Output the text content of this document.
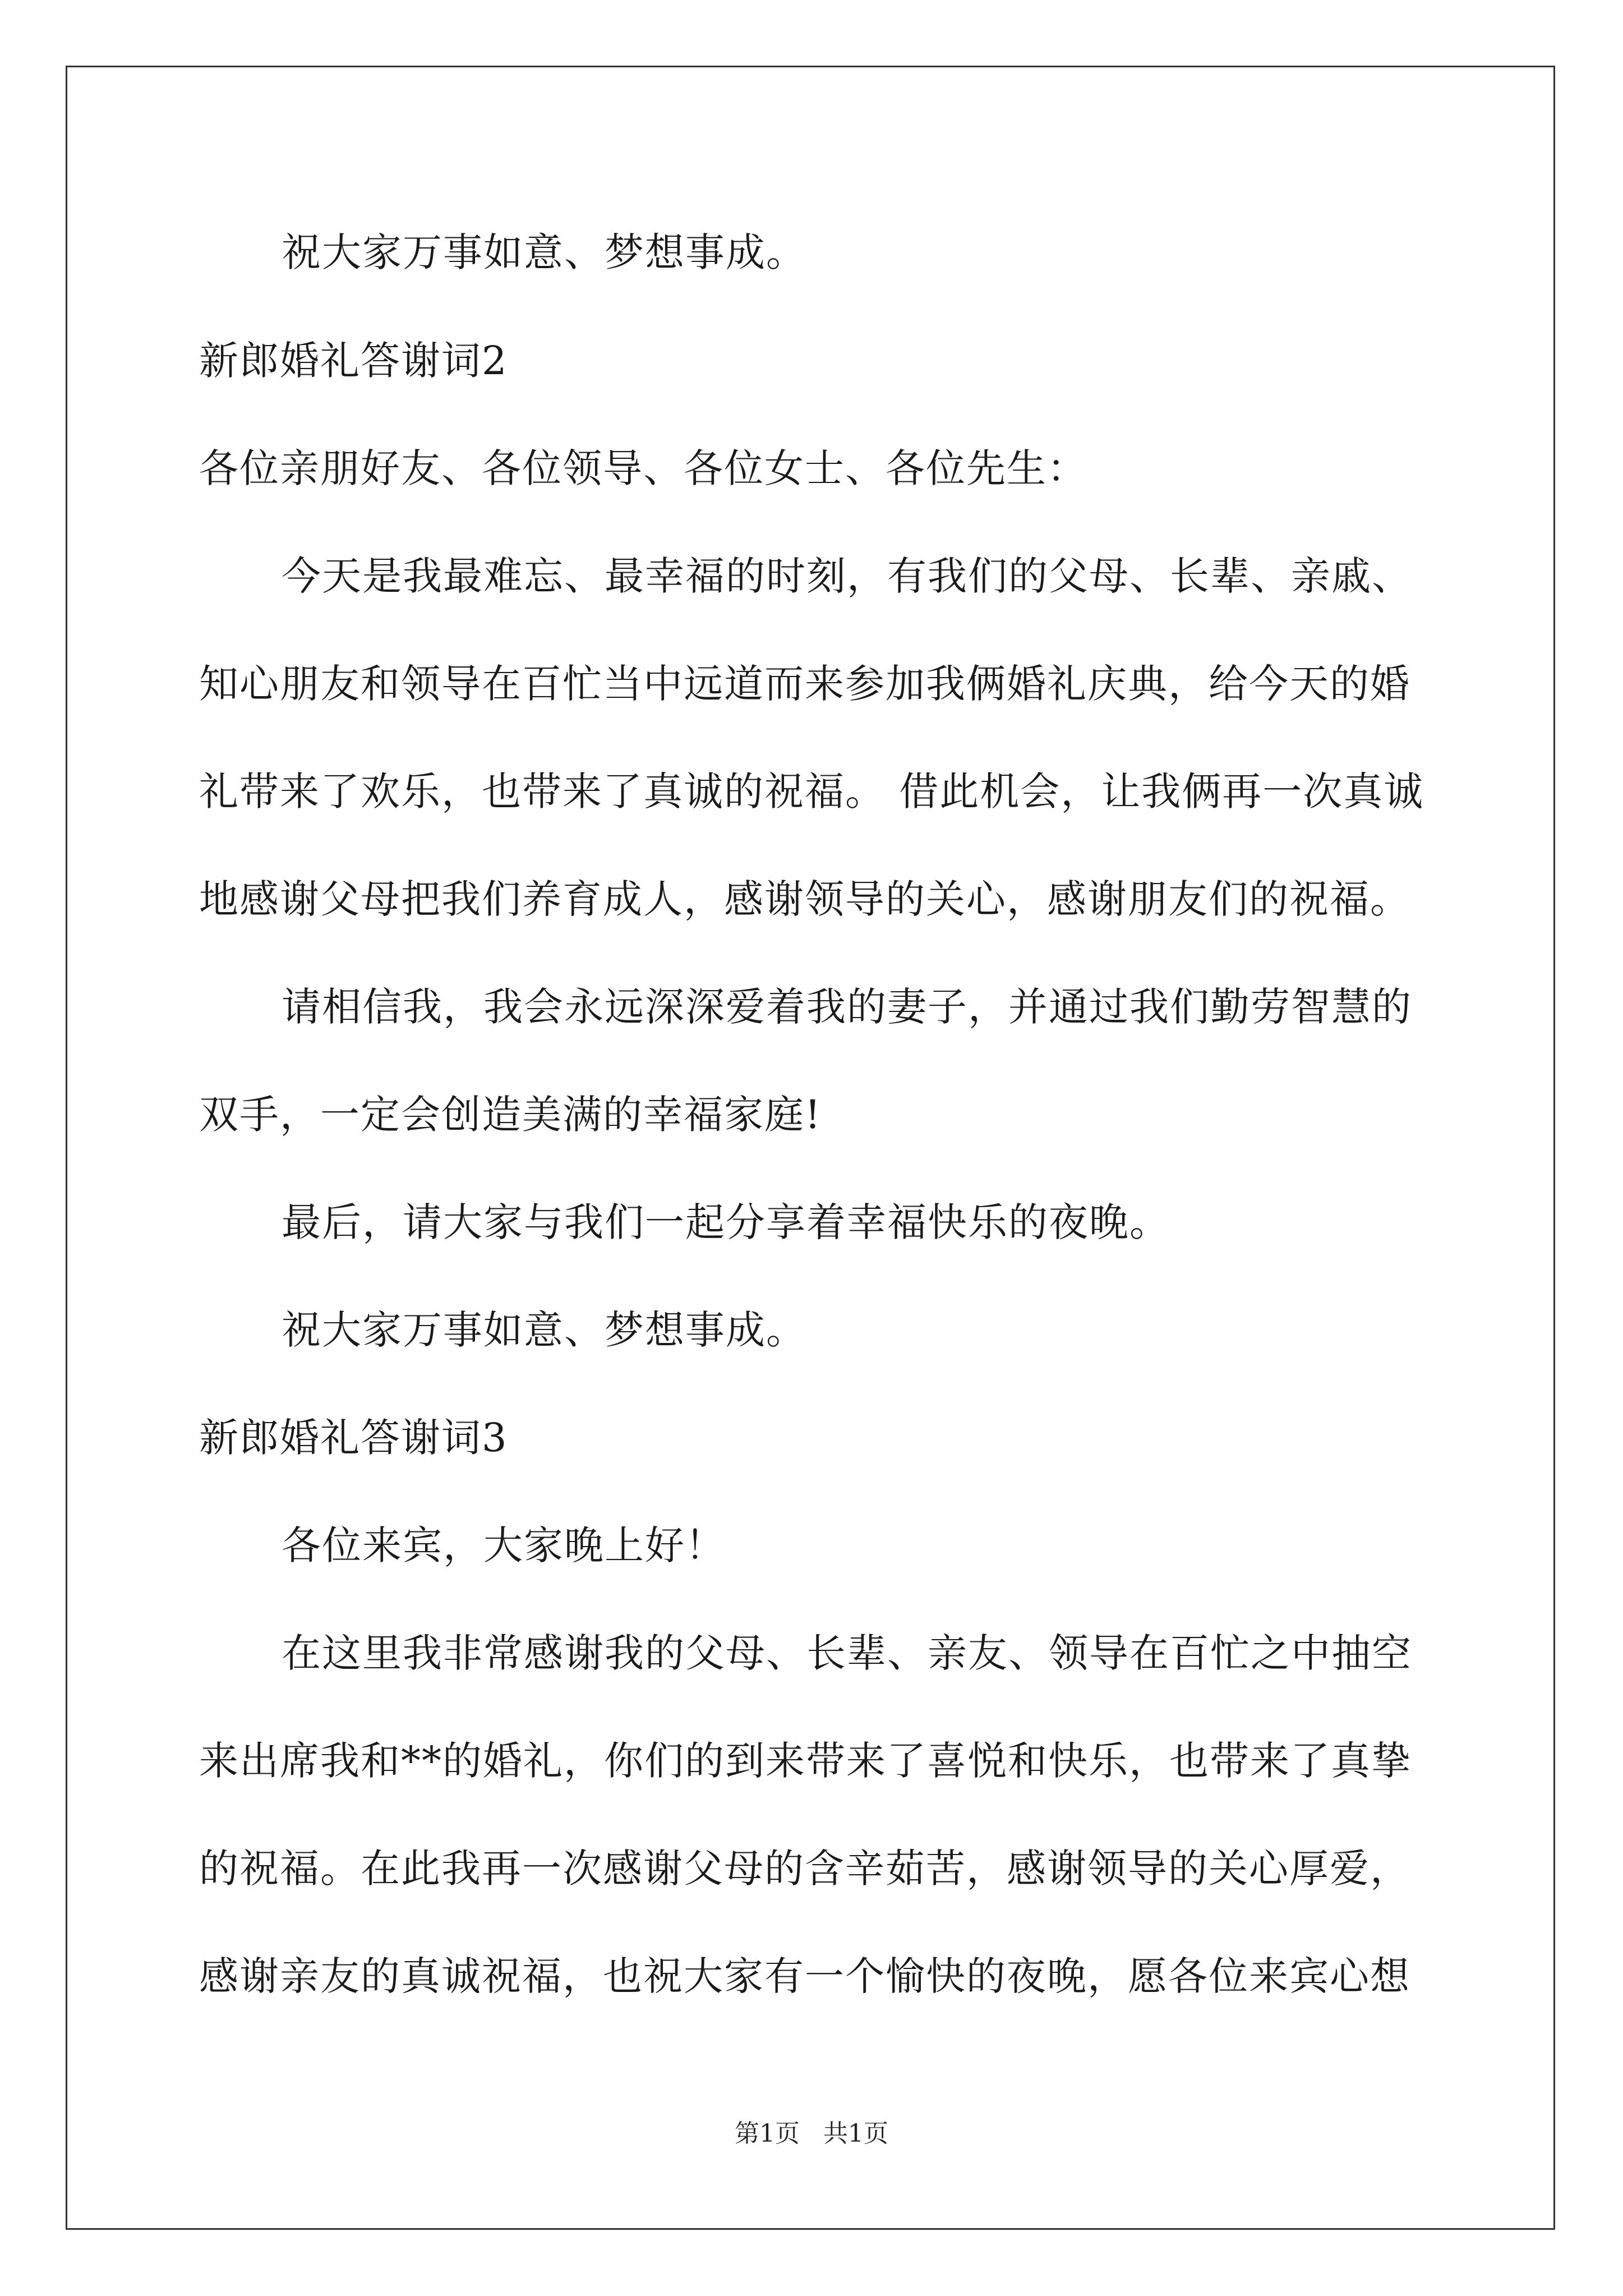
祝大家万事如意、梦想事成。
新郎婚礼答谢词2
各位亲朋好友、各位领导、各位女士、各位先生：
今天是我最难忘、最幸福的时刻，有我们的父母、长辈、亲戚、
知心朋友和领导在百忙当中远道而来参加我俩婚礼庆典，给今天的婚
礼带来了欢乐，也带来了真诚的祝福。 借此机会，让我俩再一次真诚
地感谢父母把我们养育成人，感谢领导的关心，感谢朋友们的祝福。
请相信我，我会永远深深爱着我的妻子，并通过我们勤劳智慧的
双手，一定会创造美满的幸福家庭!
最后，请大家与我们一起分享着幸福快乐的夜晚。
祝大家万事如意、梦想事成。
新郎婚礼答谢词3
各位来宾，大家晚上好！
在这里我非常感谢我的父母、长辈、亲友、领导在百忙之中抽空
来出席我和**的婚礼，你们的到来带来了喜悦和快乐，也带来了真挚
的祝福。在此我再一次感谢父母的含辛茹苦，感谢领导的关心厚爱，
感谢亲友的真诚祝福，也祝大家有一个愉快的夜晚，愿各位来宾心想
第1页   共1页
